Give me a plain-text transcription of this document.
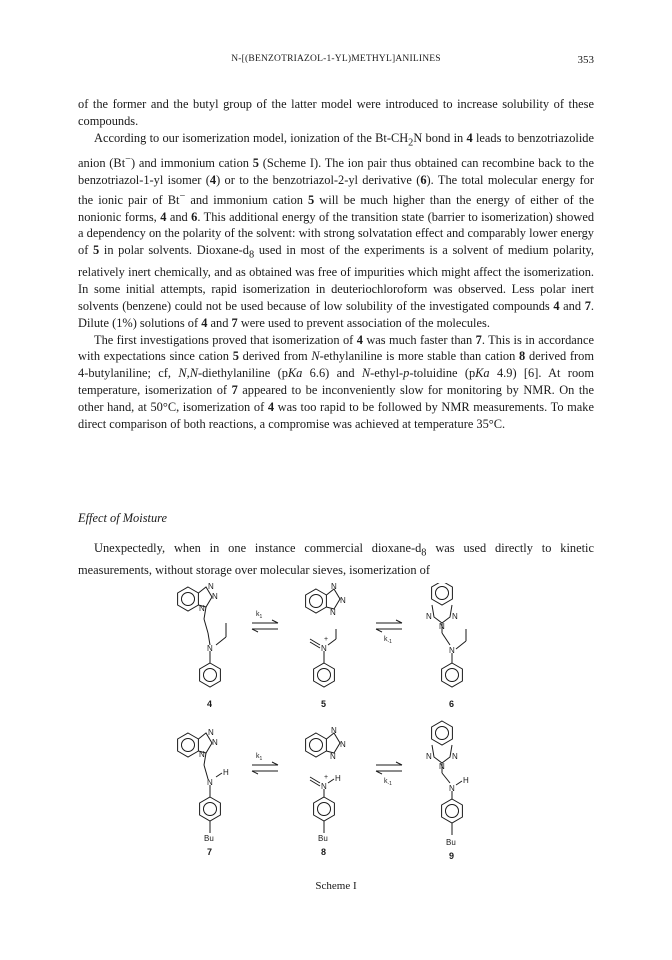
N-[(BENZOTRIAZOL-1-YL)METHYL]ANILINES	353

of the former and the butyl group of the latter model were introduced to increase solubility of these compounds.

According to our isomerization model, ionization of the $Bt-CH_2N$ bond in 4 leads to benzotriazolide anion (Bt−) and immonium cation 5 (Scheme I). The ion pair thus obtained can recombine back to the benzotriazol-1-yl isomer (4) or to the benzotriazol-2-yl derivative (6). The total molecular energy for the ionic pair of Bt− and immonium cation 5 will be much higher than the energy of either of the nonionic forms, 4 and 6. This additional energy of the transition state (barrier to isomerization) showed a dependency on the polarity of the solvent: with strong solvatation effect and comparably lower energy of 5 in polar solvents. Dioxane-$d_8$ used in most of the experiments is a solvent of medium polarity, relatively inert chemically, and as obtained was free of impurities which might affect the isomerization. In some initial attempts, rapid isomerization in deuteriochloroform was observed. Less polar inert solvents (benzene) could not be used because of low solubility of the investigated compounds 4 and 7. Dilute (1%) solutions of 4 and 7 were used to prevent association of the molecules.

The first investigations proved that isomerization of 4 was much faster than 7. This is in accordance with expectations since cation 5 derived from N-ethylaniline is more stable than cation 8 derived from 4-butylaniline; cf, N,N-diethylaniline (pKa 6.6) and N-ethyl-p-toluidine (pKa 4.9) [6]. At room temperature, isomerization of 7 appeared to be inconveniently slow for monitoring by NMR. On the other hand, at 50°C, isomerization of 4 was too rapid to be followed by NMR measurements. To make direct comparison of both reactions, a compromise was achieved at temperature 35°C.

Effect of Moisture

Unexpectedly, when in one instance commercial dioxane-$d_8$ was used directly to kinetic measurements, without storage over molecular sieves, isomerization of

N
N
N
N
4
$k_1$
N
N
N
N
+
5
$k_{-1}$
N	N
N
N
6
N
N
N
N
H
Bu
7
$k_1$
N
N
N
N
H
+
Bu
8
$k_{-1}$
N	N
N
N
H
Bu
9
Scheme I
